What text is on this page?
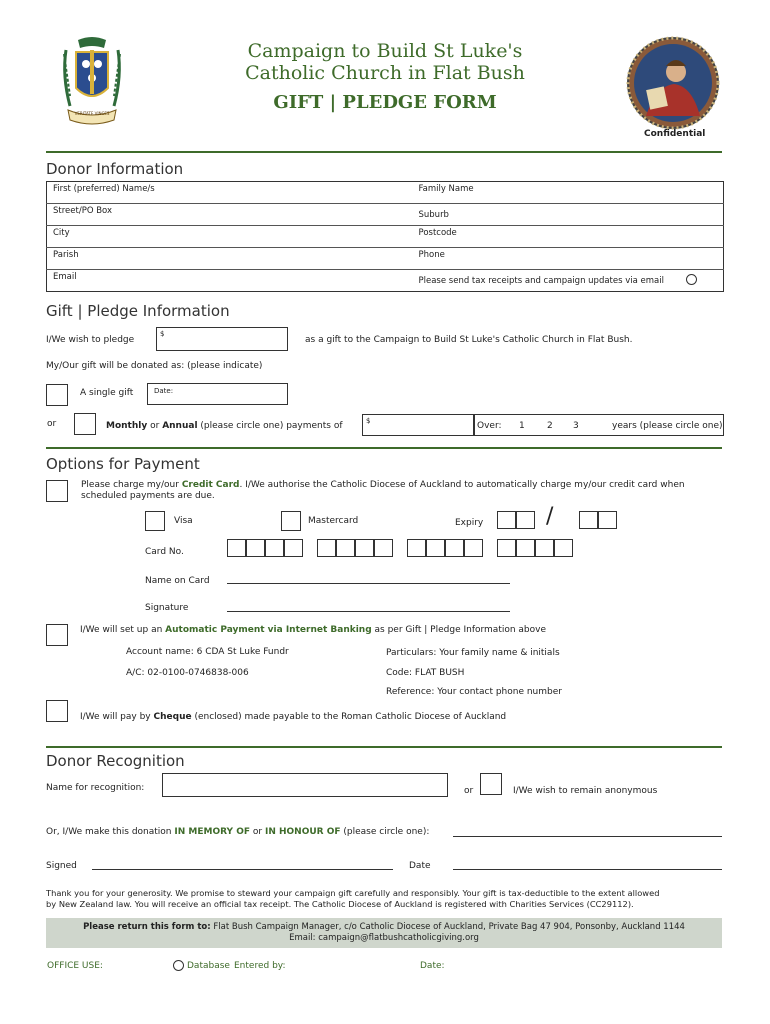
VERITATE VINCES
Campaign to Build St Luke's
Catholic Church in Flat Bush
GIFT | PLEDGE FORM
Confidential
Donor Information
First (preferred) Name/s	Family Name
Street/PO Box	Suburb
City	Postcode
Parish	Phone
Email	Please send tax receipts and campaign updates via email
Gift | Pledge Information
I/We wish to pledge
$
as a gift to the Campaign to Build St Luke's Catholic Church in Flat Bush.
My/Our gift will be donated as: (please indicate)
A single gift	Date:
or	Monthly or Annual (please circle one) payments of	$	Over: 1 2 3	years (please circle one)
Options for Payment
Please charge my/our Credit Card. I/We authorise the Catholic Diocese of Auckland to automatically charge my/our credit card when
scheduled payments are due.
Visa	Mastercard	Expiry	/
Card No.
Name on Card
Signature
I/We will set up an Automatic Payment via Internet Banking as per Gift | Pledge Information above
Account name: 6 CDA St Luke Fundr
A/C: 02-0100-0746838-006
Particulars: Your family name & initials
Code: FLAT BUSH
Reference: Your contact phone number
I/We will pay by Cheque (enclosed) made payable to the Roman Catholic Diocese of Auckland
Donor Recognition
Name for recognition:	or	I/We wish to remain anonymous
Or, I/We make this donation IN MEMORY OF or IN HONOUR OF (please circle one):
Signed	Date
Thank you for your generosity. We promise to steward your campaign gift carefully and responsibly. Your gift is tax-deductible to the extent allowed
by New Zealand law. You will receive an official tax receipt. The Catholic Diocese of Auckland is registered with Charities Services (CC29112).
Please return this form to: Flat Bush Campaign Manager, c/o Catholic Diocese of Auckland, Private Bag 47 904, Ponsonby, Auckland 1144
Email: campaign@flatbushcatholicgiving.org
OFFICE USE:	Database Entered by:	Date:
